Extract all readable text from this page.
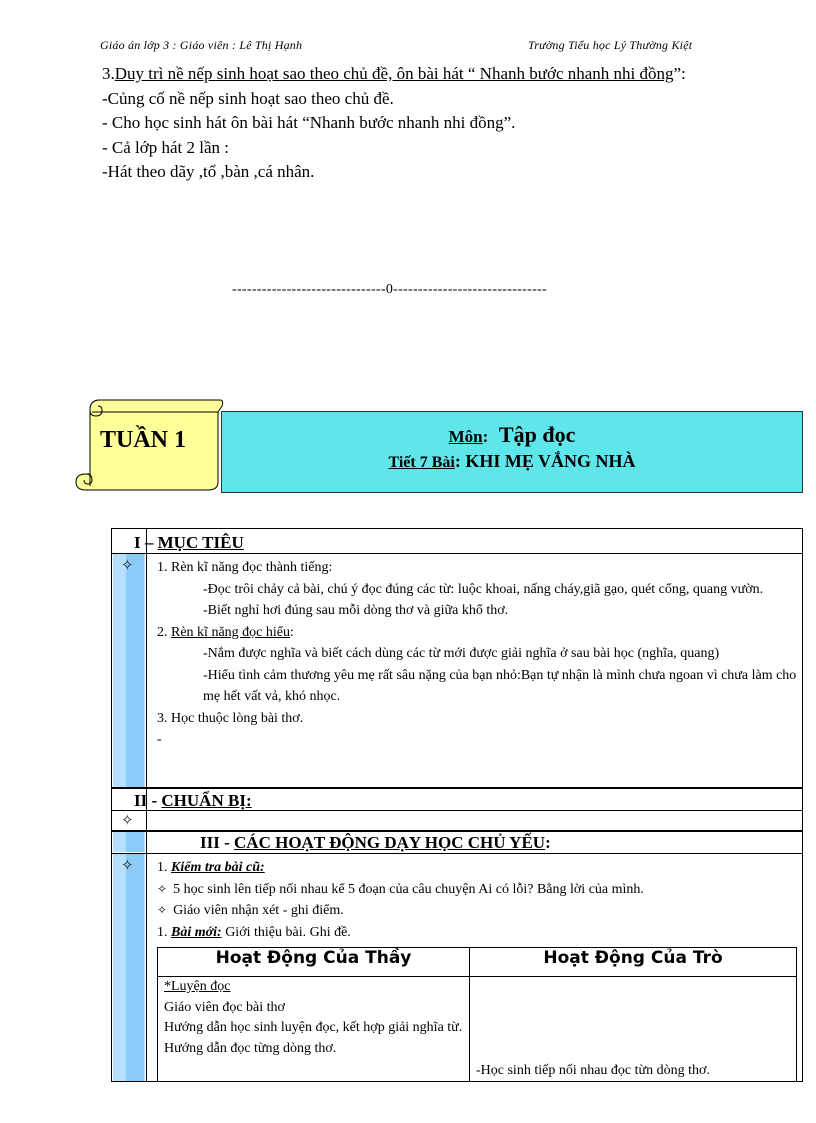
Giáo án lớp 3 : Giáo viên : Lê Thị Hạnh	Trường Tiểu học Lý Thường Kiệt

3.Duy trì nề nếp sinh hoạt sao theo chủ đề, ôn bài hát “ Nhanh bước nhanh nhi đồng”:

-Củng cố nề nếp sinh hoạt sao theo chủ đề.

- Cho học sinh hát ôn bài hát “Nhanh bước nhanh nhi đồng”.

- Cả lớp hát 2 lần :

-Hát theo dãy ,tổ ,bàn ,cá nhân.

-------------------------------0-------------------------------
TUẦN 1	Môn: Tập đọc
Tiết 7 Bài: KHI MẸ VẮNG NHÀ
I – MỤC TIÊU
✧ 1. Rèn kĩ năng đọc thành tiếng:

-Đọc trôi chảy cả bài, chú ý đọc đúng các từ: luộc khoai, nấng cháy,giã gạo, quét cổng, quang vườn.

-Biết nghỉ hơi đúng sau mỗi dòng thơ và giữa khổ thơ.

2. Rèn kĩ năng đọc hiểu:

-Nắm được nghĩa và biết cách dùng các từ mới được giải nghĩa ở sau bài học (nghĩa, quang)

-Hiểu tình cảm thương yêu mẹ rất sâu nặng của bạn nhỏ:Bạn tự nhận là mình chưa ngoan vì chưa làm cho mẹ hết vất vả, khó nhọc.

3. Học thuộc lòng bài thơ.

-

II - CHUẨN BỊ:
✧
III - CÁC HOẠT ĐỘNG DẠY HỌC CHỦ YẾU:
✧ 1. Kiểm tra bài cũ:

✧ 5 học sinh lên tiếp nối nhau kể 5 đoạn của câu chuyện Ai có lỗi? Bằng lời của mình.

✧ Giáo viên nhận xét - ghi điểm.

1. Bài mới: Giới thiệu bài. Ghi đề.

Hoạt Động Của Thầy	Hoạt Động Của Trò

*Luyện đọc
Giáo viên đọc bài thơ
Hướng dẫn học sinh luyện đọc, kết hợp giải nghĩa từ.
Hướng dẫn đọc từng dòng thơ.	-Học sinh tiếp nối nhau đọc từn dòng thơ.
